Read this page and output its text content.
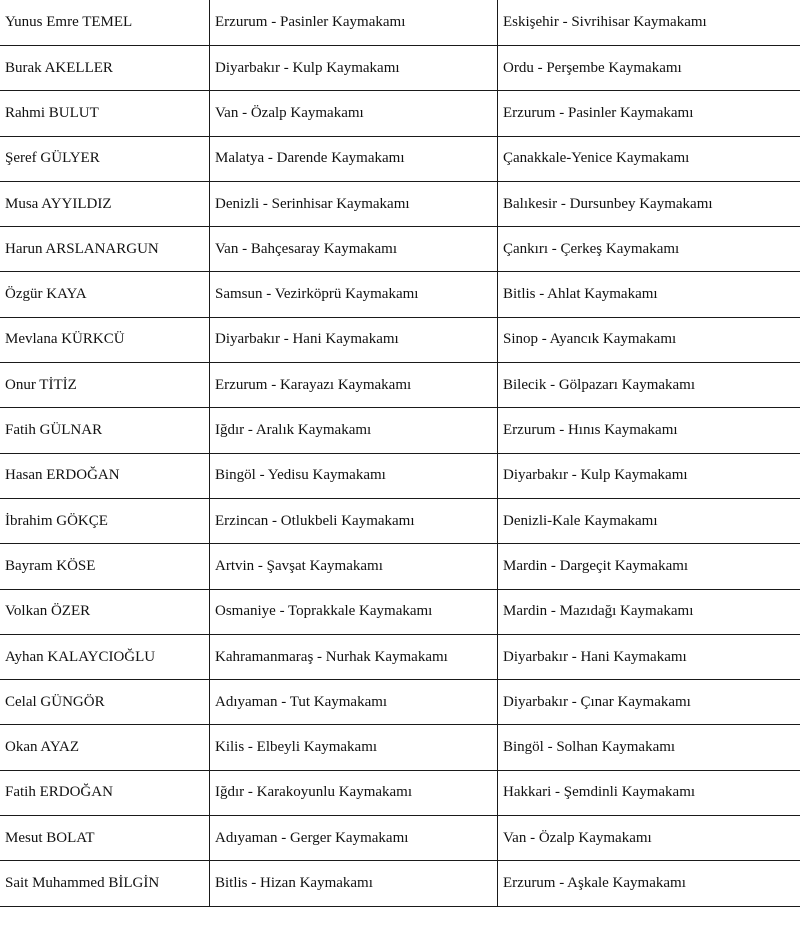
Yunus Emre TEMEL	Erzurum - Pasinler Kaymakamı	Eskişehir - Sivrihisar Kaymakamı
Burak AKELLER	Diyarbakır - Kulp Kaymakamı	Ordu - Perşembe Kaymakamı
Rahmi BULUT	Van - Özalp Kaymakamı	Erzurum - Pasinler Kaymakamı
Şeref GÜLYER	Malatya - Darende Kaymakamı	Çanakkale-Yenice Kaymakamı
Musa AYYILDIZ	Denizli - Serinhisar Kaymakamı	Balıkesir - Dursunbey Kaymakamı
Harun ARSLANARGUN	Van - Bahçesaray Kaymakamı	Çankırı - Çerkeş Kaymakamı
Özgür KAYA	Samsun - Vezirköprü Kaymakamı	Bitlis - Ahlat Kaymakamı
Mevlana KÜRKCÜ	Diyarbakır - Hani Kaymakamı	Sinop - Ayancık Kaymakamı
Onur TİTİZ	Erzurum - Karayazı Kaymakamı	Bilecik - Gölpazarı Kaymakamı
Fatih GÜLNAR	Iğdır - Aralık Kaymakamı	Erzurum - Hınıs Kaymakamı
Hasan ERDOĞAN	Bingöl - Yedisu Kaymakamı	Diyarbakır - Kulp Kaymakamı
İbrahim GÖKÇE	Erzincan - Otlukbeli Kaymakamı	Denizli-Kale Kaymakamı
Bayram KÖSE	Artvin - Şavşat Kaymakamı	Mardin - Dargeçit Kaymakamı
Volkan ÖZER	Osmaniye - Toprakkale Kaymakamı	Mardin - Mazıdağı Kaymakamı
Ayhan KALAYCIOĞLU	Kahramanmaraş - Nurhak Kaymakamı	Diyarbakır - Hani Kaymakamı
Celal GÜNGÖR	Adıyaman - Tut Kaymakamı	Diyarbakır - Çınar Kaymakamı
Okan AYAZ	Kilis - Elbeyli Kaymakamı	Bingöl - Solhan Kaymakamı
Fatih ERDOĞAN	Iğdır - Karakoyunlu Kaymakamı	Hakkari - Şemdinli Kaymakamı
Mesut BOLAT	Adıyaman - Gerger Kaymakamı	Van - Özalp Kaymakamı
Sait Muhammed BİLGİN	Bitlis - Hizan Kaymakamı	Erzurum - Aşkale Kaymakamı
